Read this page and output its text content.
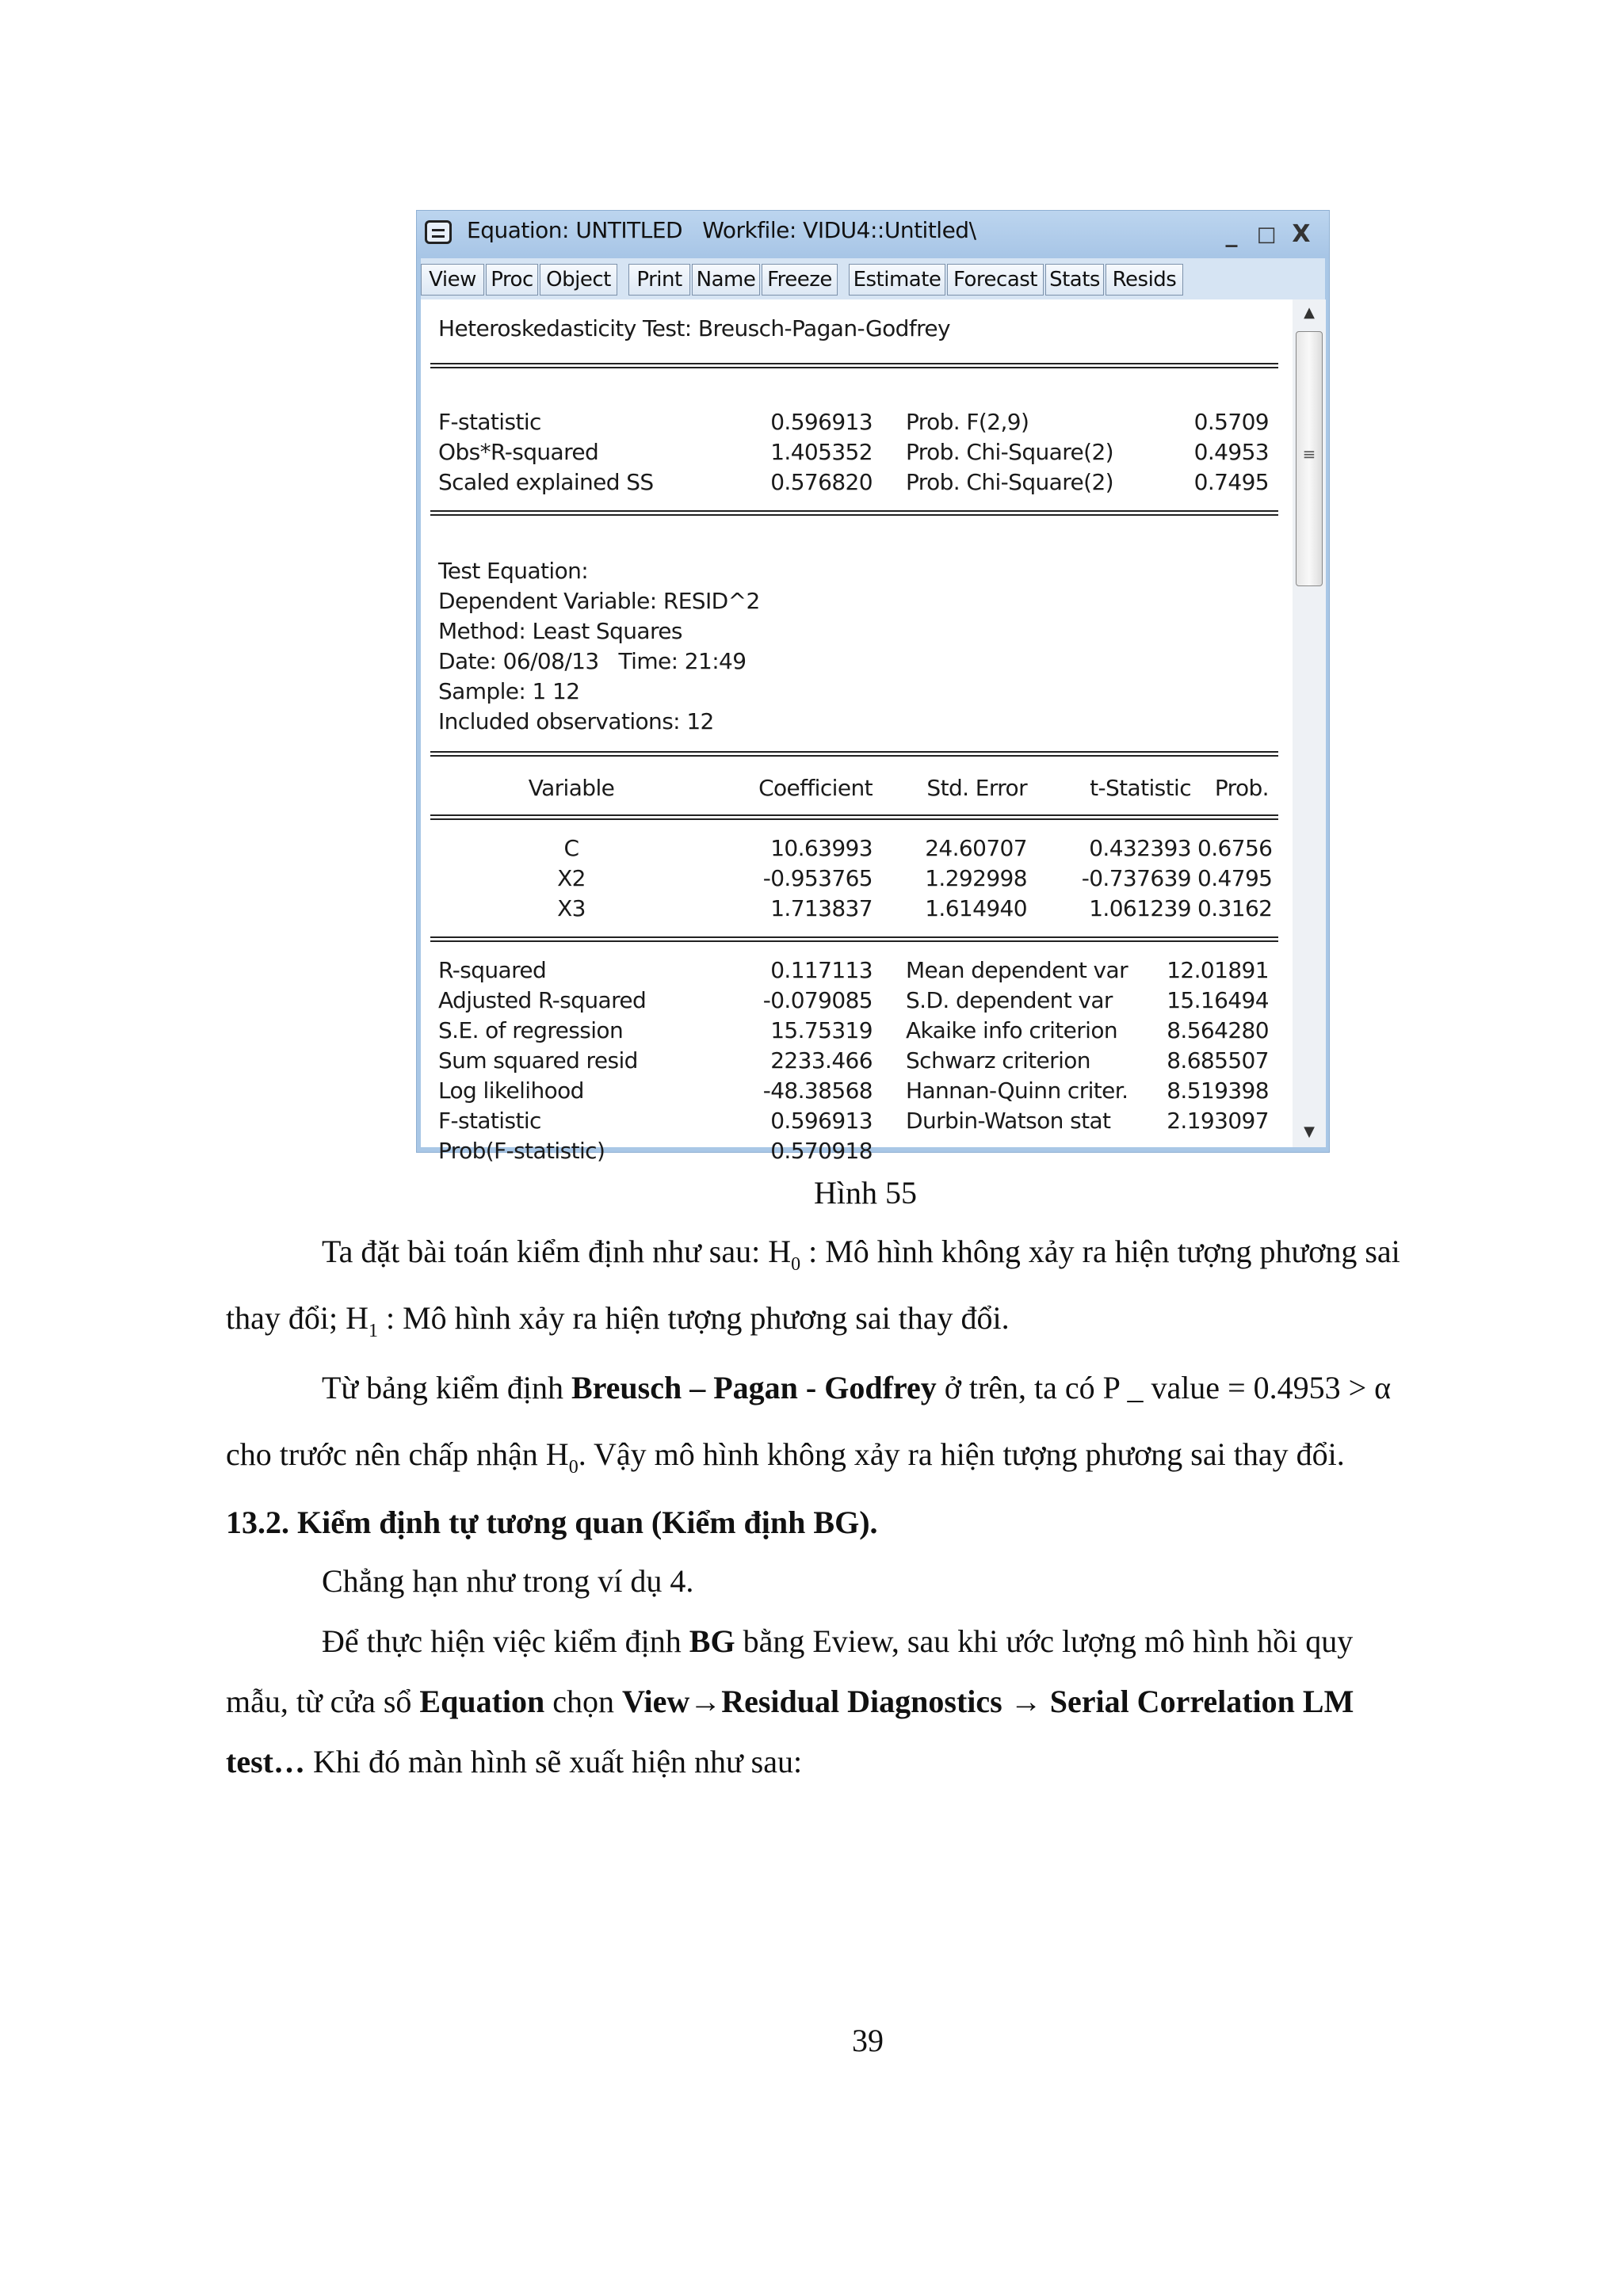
Equation: UNTITLED   Workfile: VIDU4::Untitled\	_ □ X
View Proc Object	Print Name Freeze Estimate Forecast Stats Resids
Heteroskedasticity Test: Breusch-Pagan-Godfrey
F-statistic	0.596913 Prob. F(2,9)	0.5709
Obs*R-squared	1.405352 Prob. Chi-Square(2)	0.4953
Scaled explained SS	0.576820 Prob. Chi-Square(2)	0.7495
Test Equation:
Dependent Variable: RESID^2
Method: Least Squares
Date: 06/08/13   Time: 21:49
Sample: 1 12
Included observations: 12
Variable	Coefficient	Std. Error	t-Statistic	Prob.
C	10.63993	24.60707	0.432393 0.6756
X2	-0.953765	1.292998	-0.737639 0.4795
X3	1.713837	1.614940	1.061239 0.3162
R-squared	0.117113 Mean dependent var	12.01891
Adjusted R-squared	-0.079085 S.D. dependent var	15.16494
S.E. of regression	15.75319 Akaike info criterion	8.564280
Sum squared resid	2233.466 Schwarz criterion	8.685507
Log likelihood	-48.38568 Hannan-Quinn criter.	8.519398
F-statistic	0.596913 Durbin-Watson stat	2.193097
Prob(F-statistic)	0.570918
▲
≡
▼
Hình 55
Ta đặt bài toán kiểm định như sau: $H_0$ : Mô hình không xảy ra hiện tượng phương sai
thay đổi; $H_1$ : Mô hình xảy ra hiện tượng phương sai thay đổi.
Từ bảng kiểm định Breusch – Pagan - Godfrey ở trên, ta có P _ value = 0.4953 > α
cho trước nên chấp nhận $H_0$. Vậy mô hình không xảy ra hiện tượng phương sai thay đổi.
13.2. Kiểm định tự tương quan (Kiểm định BG).
Chẳng hạn như trong ví dụ 4.
Để thực hiện việc kiểm định BG bằng Eview, sau khi ước lượng mô hình hồi quy
mẫu, từ cửa sổ Equation chọn View→Residual Diagnostics → Serial Correlation LM
test… Khi đó màn hình sẽ xuất hiện như sau:
39
